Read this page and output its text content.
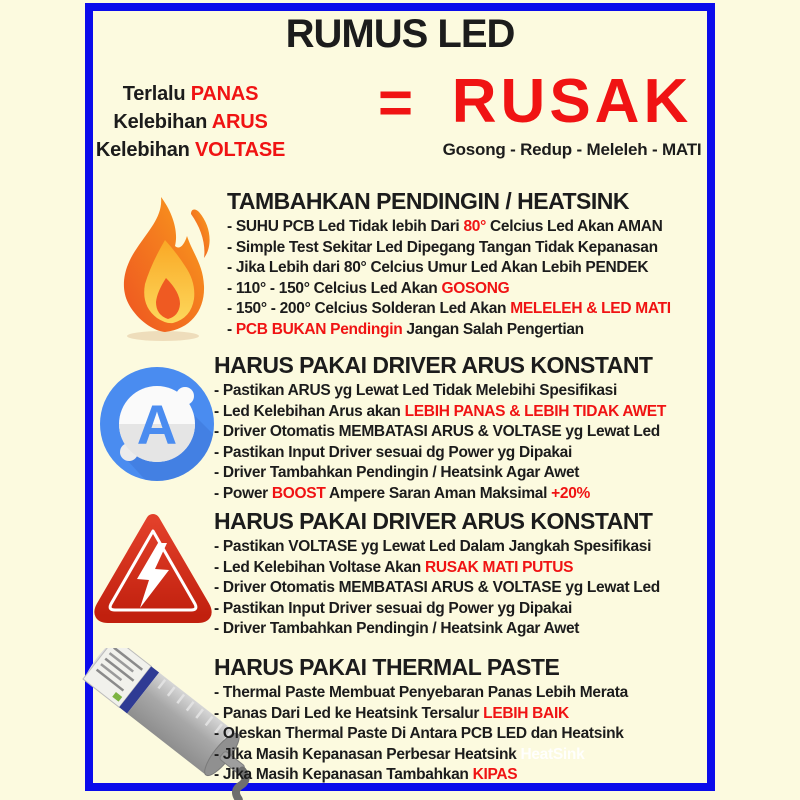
RUMUS LED
Terlalu PANAS
Kelebihan ARUS
Kelebihan VOLTASE
= RUSAK
Gosong - Redup - Meleleh - MATI
TAMBAHKAN PENDINGIN / HEATSINK
- SUHU PCB Led Tidak lebih Dari 80° Celcius Led Akan AMAN
- Simple Test Sekitar Led Dipegang Tangan Tidak Kepanasan
- Jika Lebih dari 80° Celcius Umur Led Akan Lebih PENDEK
- 110° - 150° Celcius Led Akan GOSONG
- 150° - 200° Celcius Solderan Led Akan MELELEH & LED MATI
- PCB BUKAN Pendingin Jangan Salah Pengertian
A
HARUS PAKAI DRIVER ARUS KONSTANT
- Pastikan ARUS yg Lewat Led Tidak Melebihi Spesifikasi
- Led Kelebihan Arus akan LEBIH PANAS & LEBIH TIDAK AWET
- Driver Otomatis MEMBATASI ARUS & VOLTASE yg Lewat Led
- Pastikan Input Driver sesuai dg Power yg Dipakai
- Driver Tambahkan Pendingin / Heatsink Agar Awet
- Power BOOST Ampere Saran Aman Maksimal +20%
HARUS PAKAI DRIVER ARUS KONSTANT
- Pastikan VOLTASE yg Lewat Led Dalam Jangkah Spesifikasi
- Led Kelebihan Voltase Akan RUSAK MATI PUTUS
- Driver Otomatis MEMBATASI ARUS & VOLTASE yg Lewat Led
- Pastikan Input Driver sesuai dg Power yg Dipakai
- Driver Tambahkan Pendingin / Heatsink Agar Awet
HARUS PAKAI THERMAL PASTE
- Thermal Paste Membuat Penyebaran Panas Lebih Merata
- Panas Dari Led ke Heatsink Tersalur LEBIH BAIK
- Oleskan Thermal Paste Di Antara PCB LED dan Heatsink
- Jika Masih Kepanasan Perbesar Heatsink HeatSink
- Jika Masih Kepanasan Tambahkan KIPAS
